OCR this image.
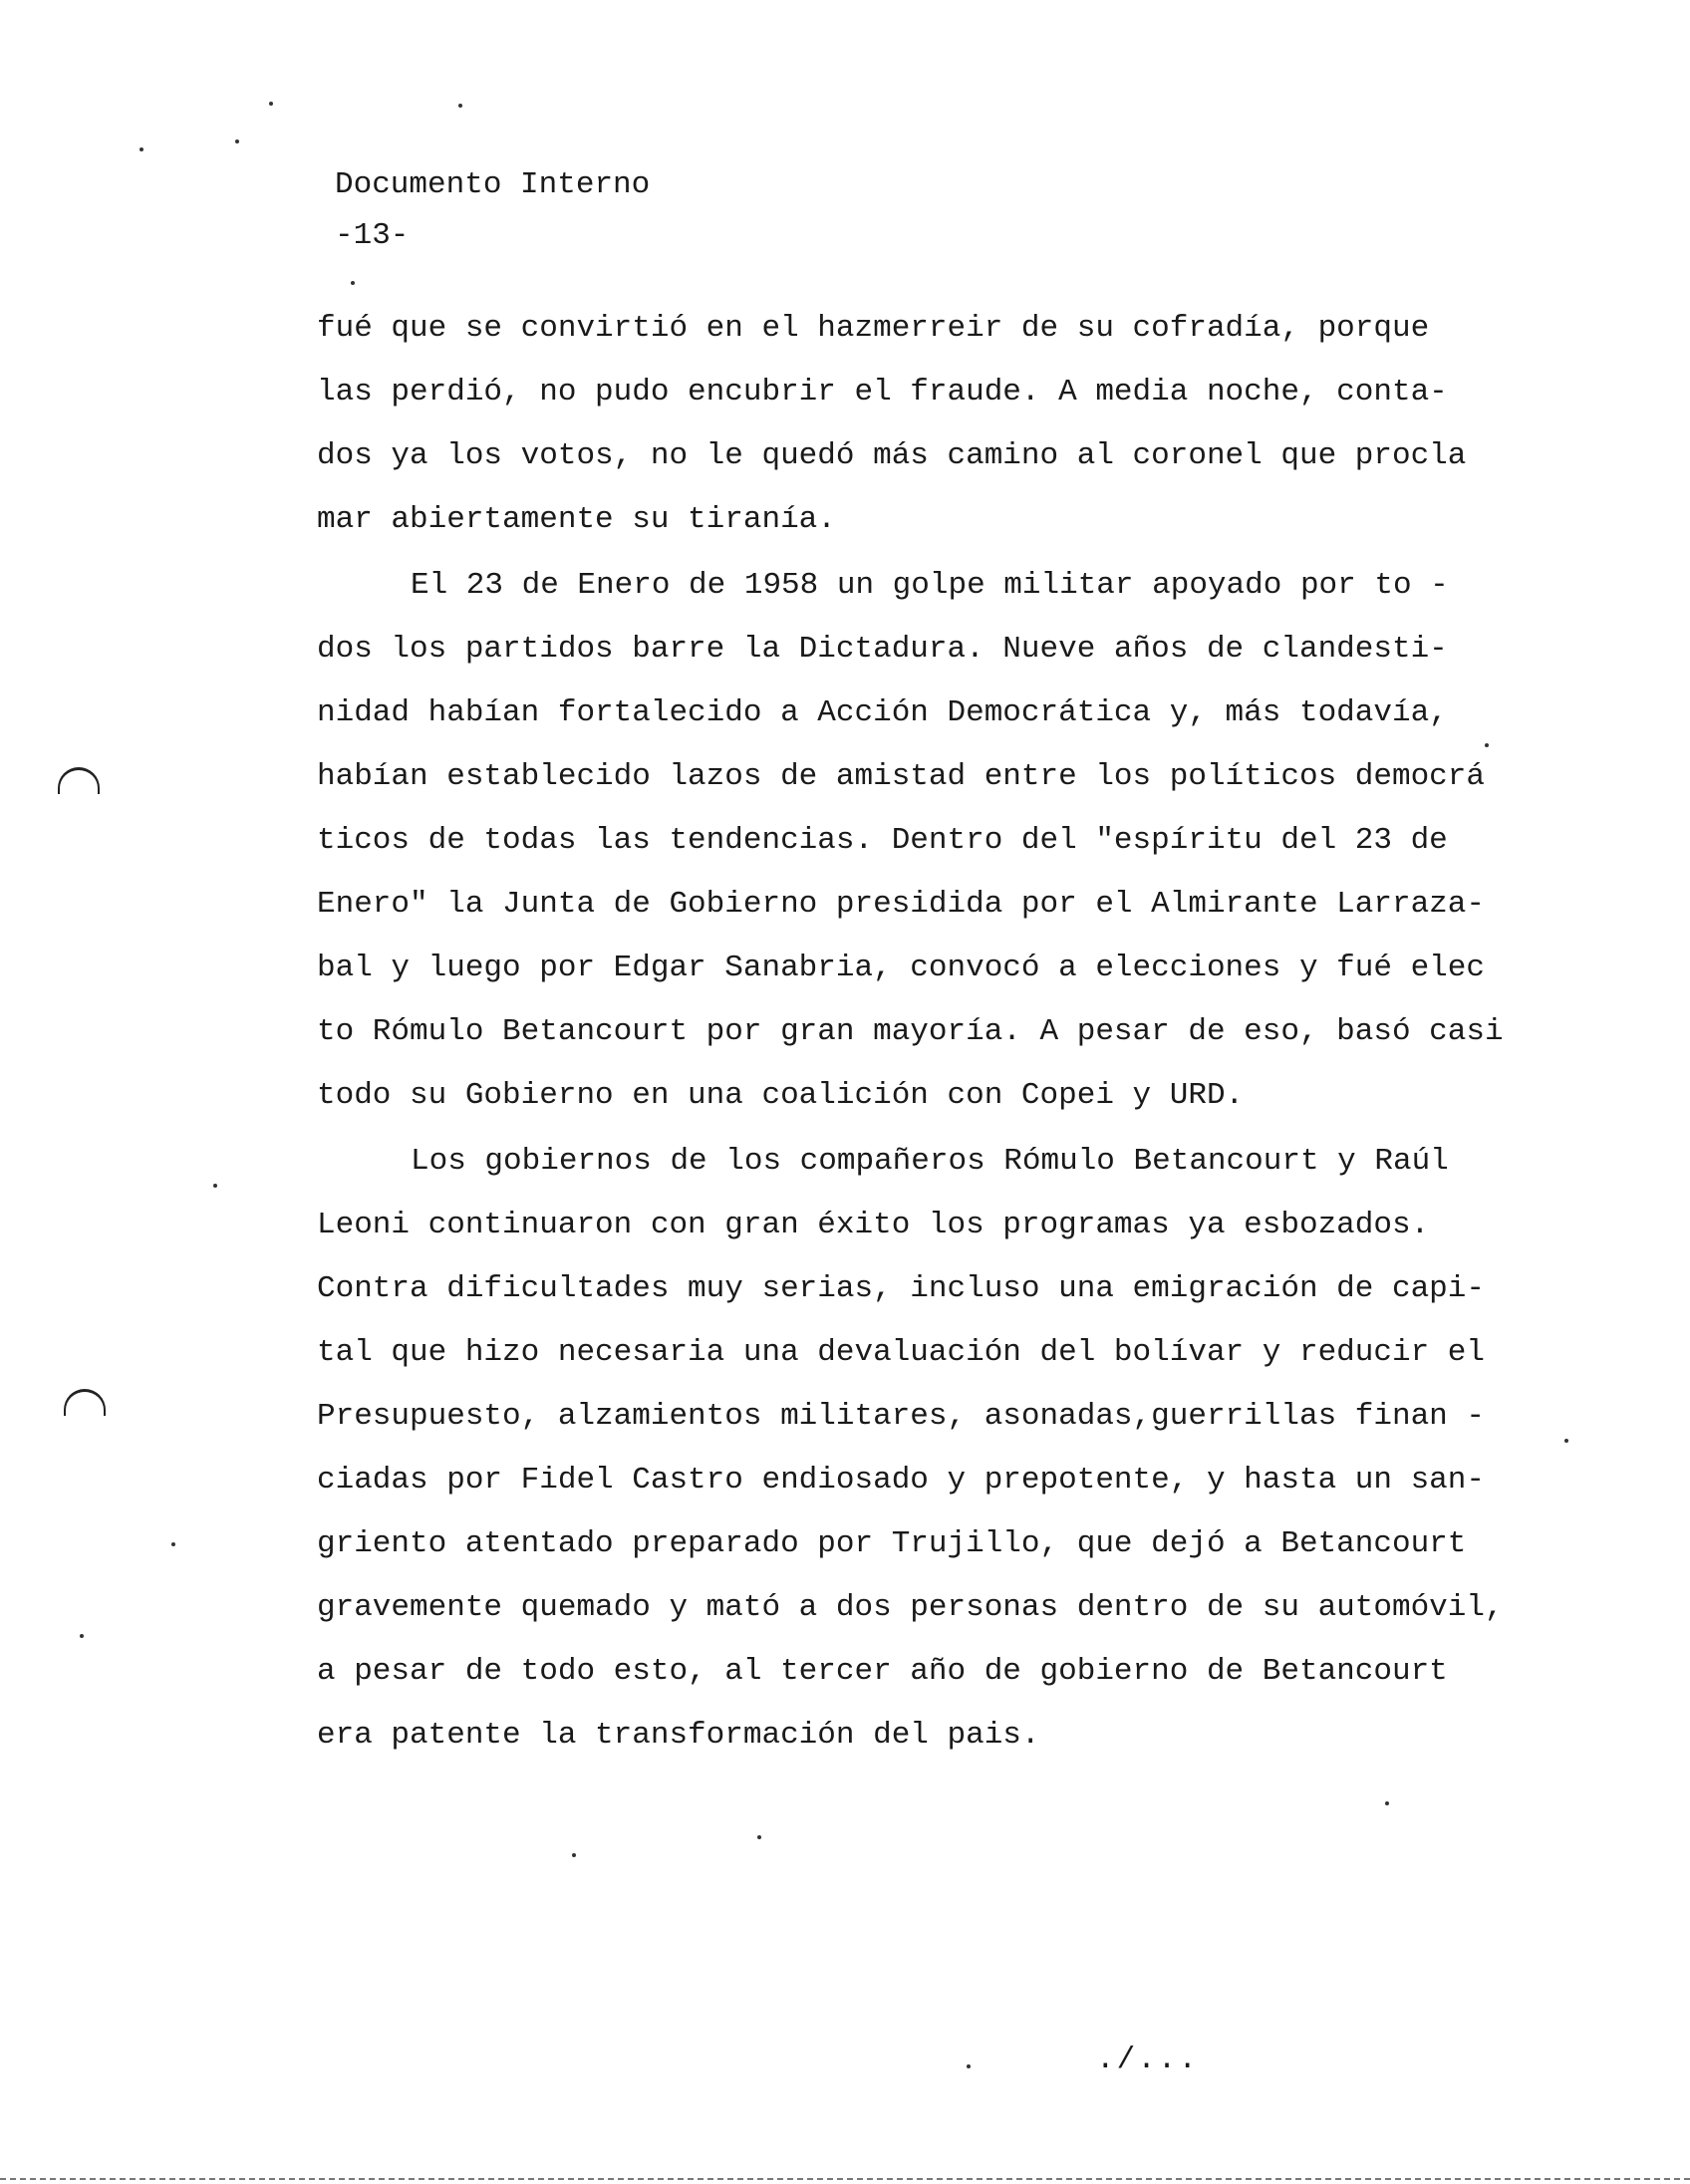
Documento Interno
-13-
fué que se convirtió en el hazmerreir de su cofradía, porque
las perdió, no pudo encubrir el fraude. A media noche, conta-
dos ya los votos, no le quedó más camino al coronel que procla
mar abiertamente su tiranía.
El 23 de Enero de 1958 un golpe militar apoyado por to -
dos los partidos barre la Dictadura. Nueve años de clandesti-
nidad habían fortalecido a Acción Democrática y, más todavía,
habían establecido lazos de amistad entre los políticos democrá
ticos de todas las tendencias. Dentro del "espíritu del 23 de
Enero" la Junta de Gobierno presidida por el Almirante Larraza-
bal y luego por Edgar Sanabria, convocó a elecciones y fué elec
to Rómulo Betancourt por gran mayoría. A pesar de eso, basó casi
todo su Gobierno en una coalición con Copei y URD.
Los gobiernos de los compañeros Rómulo Betancourt y Raúl
Leoni continuaron con gran éxito los programas ya esbozados.
Contra dificultades muy serias, incluso una emigración de capi-
tal que hizo necesaria una devaluación del bolívar y reducir el
Presupuesto, alzamientos militares, asonadas,guerrillas finan -
ciadas por Fidel Castro endiosado y prepotente, y hasta un san-
griento atentado preparado por Trujillo, que dejó a Betancourt
gravemente quemado y mató a dos personas dentro de su automóvil,
a pesar de todo esto, al tercer año de gobierno de Betancourt
era patente la transformación del pais.
./...
